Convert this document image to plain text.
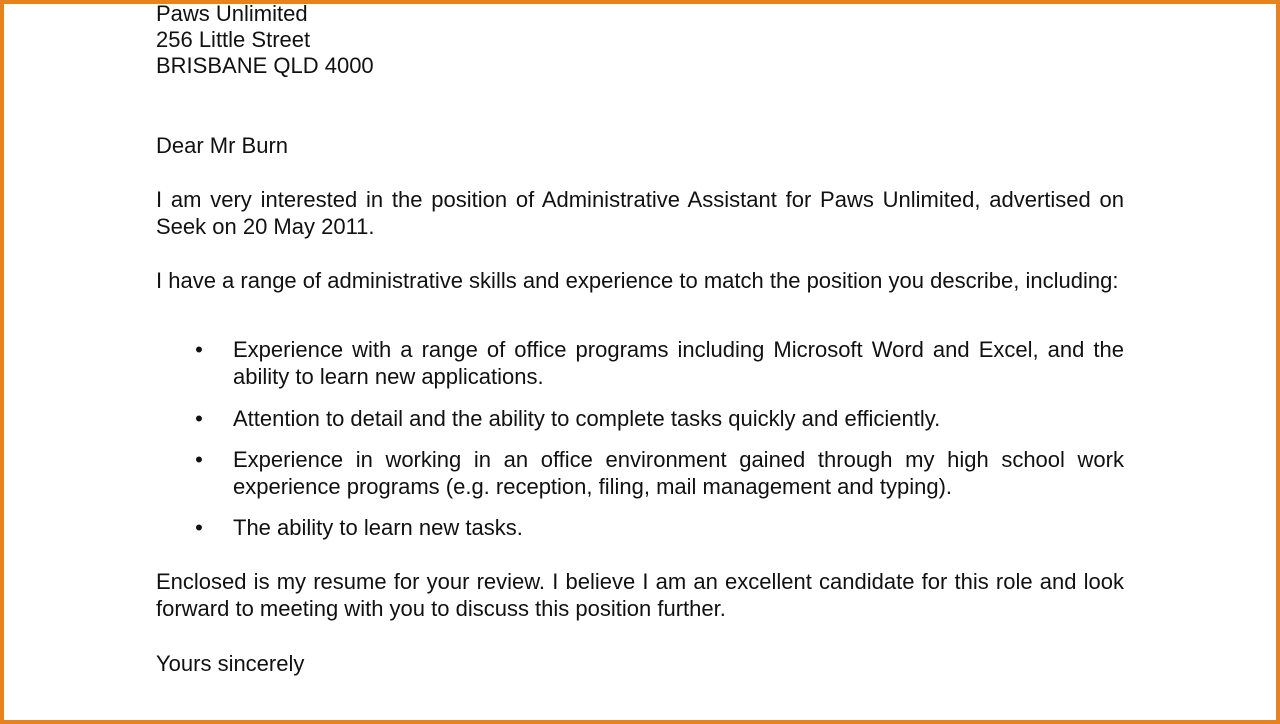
Paws Unlimited
256 Little Street
BRISBANE QLD 4000
Dear Mr Burn
I am very interested in the position of Administrative Assistant for Paws Unlimited, advertised on Seek on 20 May 2011.
I have a range of administrative skills and experience to match the position you describe, including:
• Experience with a range of office programs including Microsoft Word and Excel, and the ability to learn new applications.
• Attention to detail and the ability to complete tasks quickly and efficiently.
• Experience in working in an office environment gained through my high school work experience programs (e.g. reception, filing, mail management and typing).
• The ability to learn new tasks.
Enclosed is my resume for your review. I believe I am an excellent candidate for this role and look forward to meeting with you to discuss this position further.
Yours sincerely
